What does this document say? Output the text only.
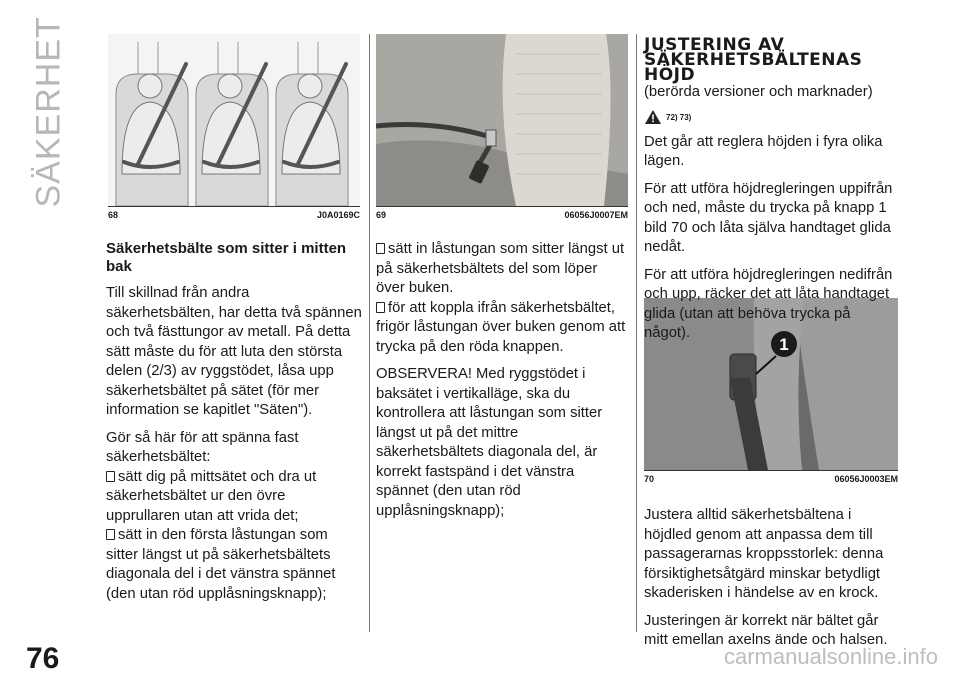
SÄKERHET
76	carmanualsonline.info
68	J0A0169C 69	06056J0007EM
1
70	06056J0003EM
Säkerhetsbälte som sitter i mitten bak

Till skillnad från andra säkerhetsbälten, har detta två spännen och två fästtungor av metall. På detta sätt måste du för att luta den största delen (2/3) av ryggstödet, låsa upp säkerhetsbältet på sätet (för mer information se kapitlet "Säten").

Gör så här för att spänna fast säkerhetsbältet:

sätt dig på mittsätet och dra ut säkerhetsbältet ur den övre upprullaren utan att vrida det;

sätt in den första låstungan som sitter längst ut på säkerhetsbältets diagonala del i det vänstra spännet (den utan röd upplåsningsknapp);

sätt in låstungan som sitter längst ut på säkerhetsbältets del som löper över buken.

för att koppla ifrån säkerhetsbältet, frigör låstungan över buken genom att trycka på den röda knappen.

OBSERVERA! Med ryggstödet i baksätet i vertikalläge, ska du kontrollera att låstungan som sitter längst ut på det mittre säkerhetsbältets diagonala del, är korrekt fastspänd i det vänstra spännet (den utan röd upplåsningsknapp);

JUSTERING AV
SÄKERHETSBÄLTENAS
HÖJD

(berörda versioner och marknader)

72) 73)

Det går att reglera höjden i fyra olika lägen.

För att utföra höjdregleringen uppifrån och ned, måste du trycka på knapp 1 bild 70 och låta själva handtaget glida nedåt.

För att utföra höjdregleringen nedifrån och upp, räcker det att låta handtaget glida (utan att behöva trycka på något).

Justera alltid säkerhetsbältena i höjdled genom att anpassa dem till passagerarnas kroppsstorlek: denna försiktighetsåtgärd minskar betydligt skaderisken i händelse av en krock.

Justeringen är korrekt när bältet går mitt emellan axelns ände och halsen.
